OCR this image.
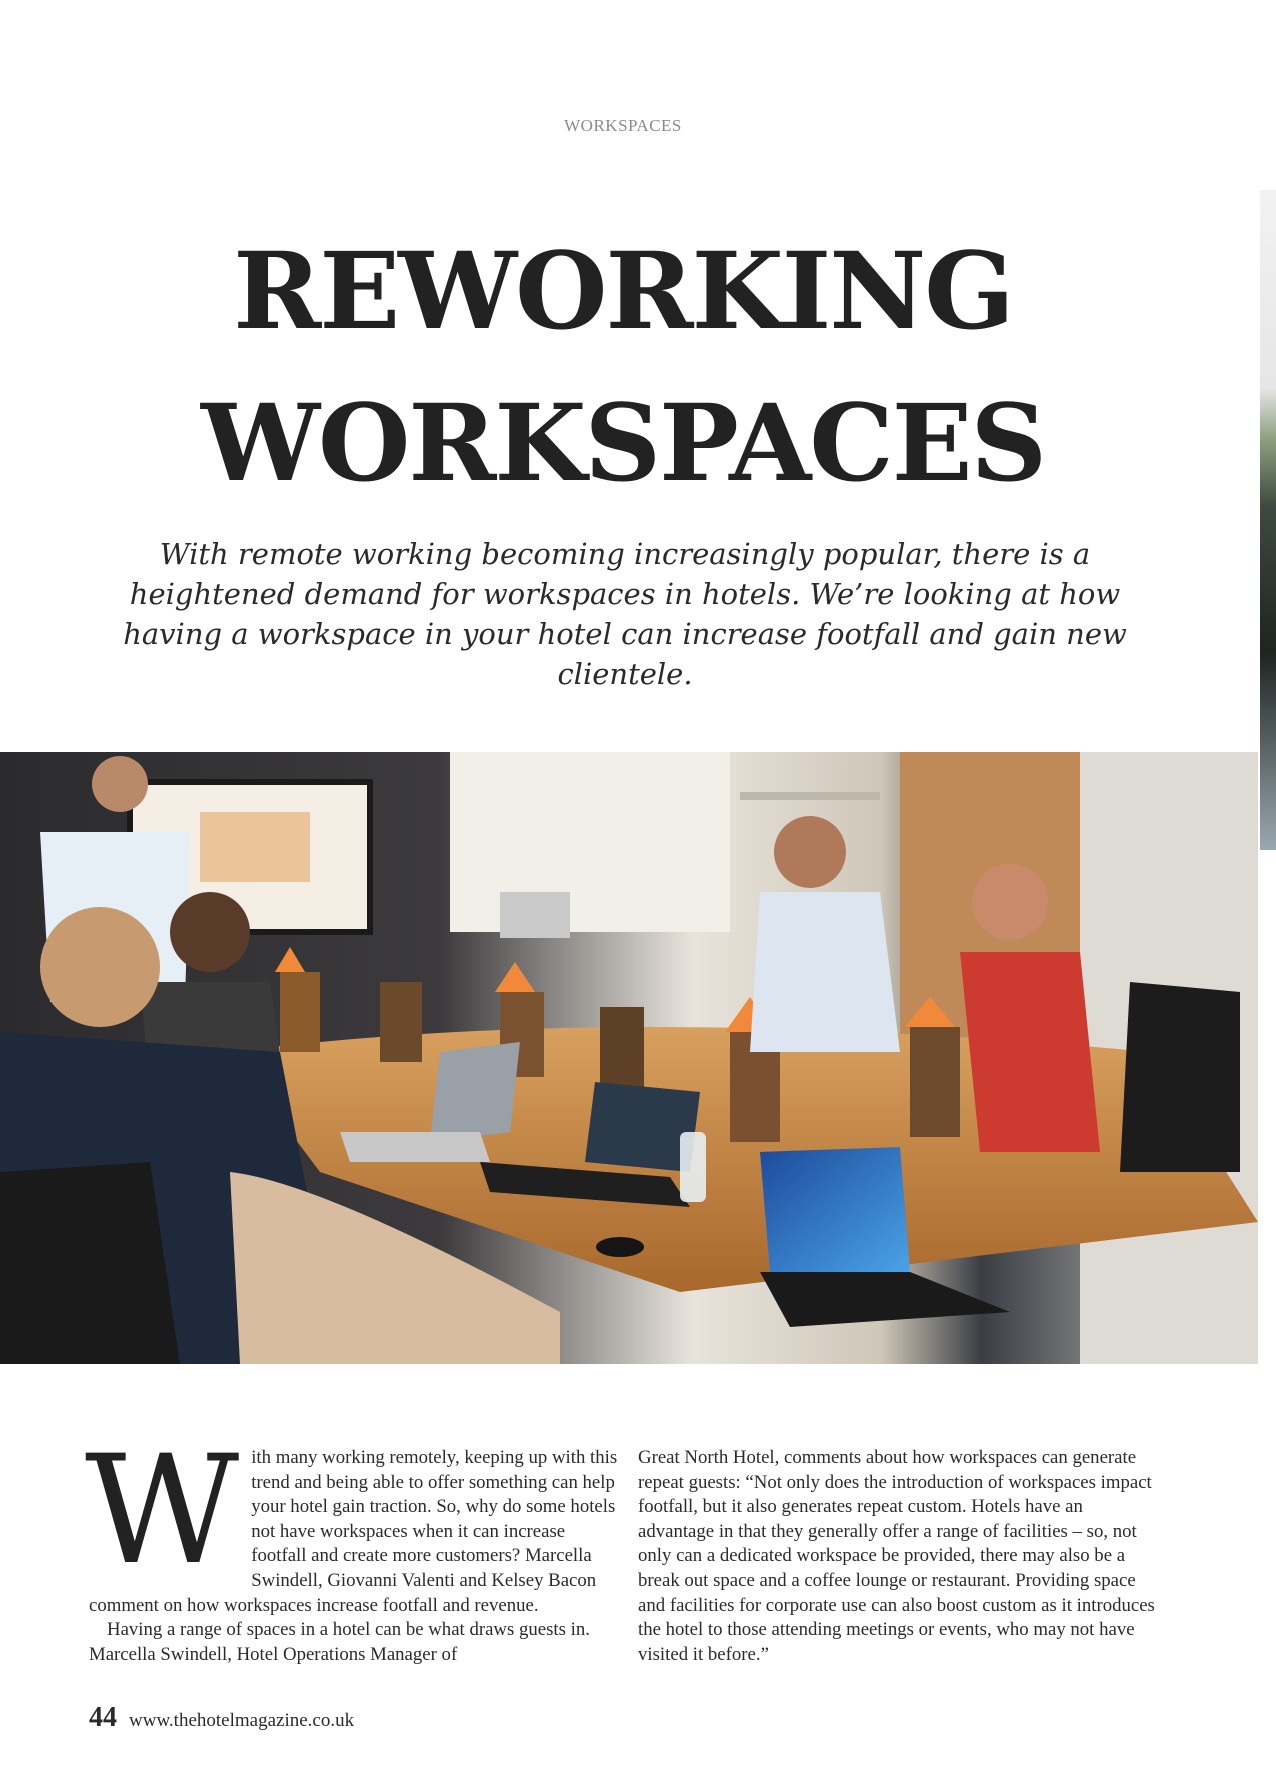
WORKSPACES
REWORKING
WORKSPACES

With remote working becoming increasingly popular, there is a heightened demand for workspaces in hotels. We’re looking at how having a workspace in your hotel can increase footfall and gain new clientele.

With many working remotely, keeping up with this trend and being able to offer something can help your hotel gain traction. So, why do some hotels not have workspaces when it can increase footfall and create more customers? Marcella Swindell, Giovanni Valenti and Kelsey Bacon comment on how workspaces increase footfall and revenue.

Having a range of spaces in a hotel can be what draws guests in. Marcella Swindell, Hotel Operations Manager of

Great North Hotel, comments about how workspaces can generate repeat guests: “Not only does the introduction of workspaces impact footfall, but it also generates repeat custom. Hotels have an advantage in that they generally offer a range of facilities – so, not only can a dedicated workspace be provided, there may also be a break out space and a coffee lounge or restaurant. Providing space and facilities for corporate use can also boost custom as it introduces the hotel to those attending meetings or events, who may not have visited it before.”

44 www.thehotelmagazine.co.uk
